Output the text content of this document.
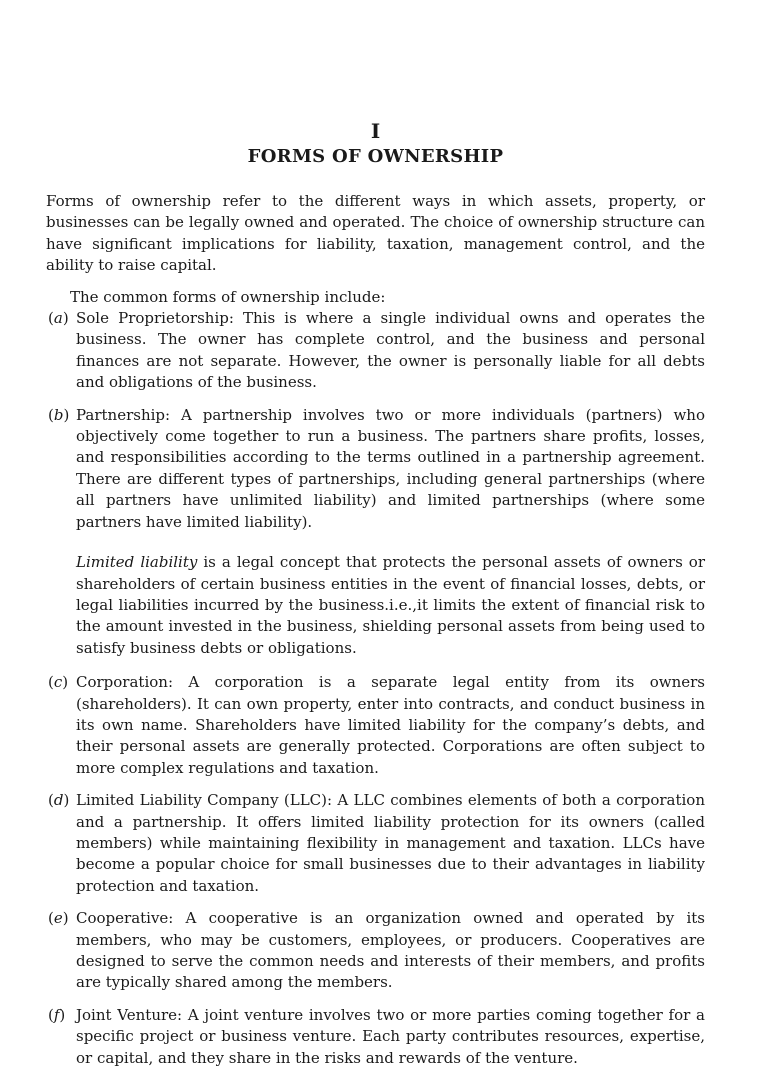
I
FORMS OF OWNERSHIP

Forms of ownership refer to the different ways in which assets, property, or businesses can be legally owned and operated. The choice of ownership structure can have significant implications for liability, taxation, management control, and the ability to raise capital.

The common forms of ownership include:

(a) Sole Proprietorship: This is where a single individual owns and operates the business. The owner has complete control, and the business and personal finances are not separate. However, the owner is personally liable for all debts and obligations of the business.
(b) Partnership: A partnership involves two or more individuals (partners) who objectively come together to run a business. The partners share profits, losses, and responsibilities according to the terms outlined in a partnership agreement. There are different types of partnerships, including general partnerships (where all partners have unlimited liability) and limited partnerships (where some partners have limited liability).

Limited liability is a legal concept that protects the personal assets of owners or shareholders of certain business entities in the event of financial losses, debts, or legal liabilities incurred by the business.i.e.,it limits the extent of financial risk to the amount invested in the business, shielding personal assets from being used to satisfy business debts or obligations.

(c) Corporation: A corporation is a separate legal entity from its owners (shareholders). It can own property, enter into contracts, and conduct business in its own name. Shareholders have limited liability for the company’s debts, and their personal assets are generally protected. Corporations are often subject to more complex regulations and taxation.
(d) Limited Liability Company (LLC): A LLC combines elements of both a corporation and a partnership. It offers limited liability protection for its owners (called members) while maintaining flexibility in management and taxation. LLCs have become a popular choice for small businesses due to their advantages in liability protection and taxation.
(e) Cooperative: A cooperative is an organization owned and operated by its members, who may be customers, employees, or producers. Cooperatives are designed to serve the common needs and interests of their members, and profits are typically shared among the members.
(f) Joint Venture: A joint venture involves two or more parties coming together for a specific project or business venture. Each party contributes resources, expertise, or capital, and they share in the risks and rewards of the venture.
